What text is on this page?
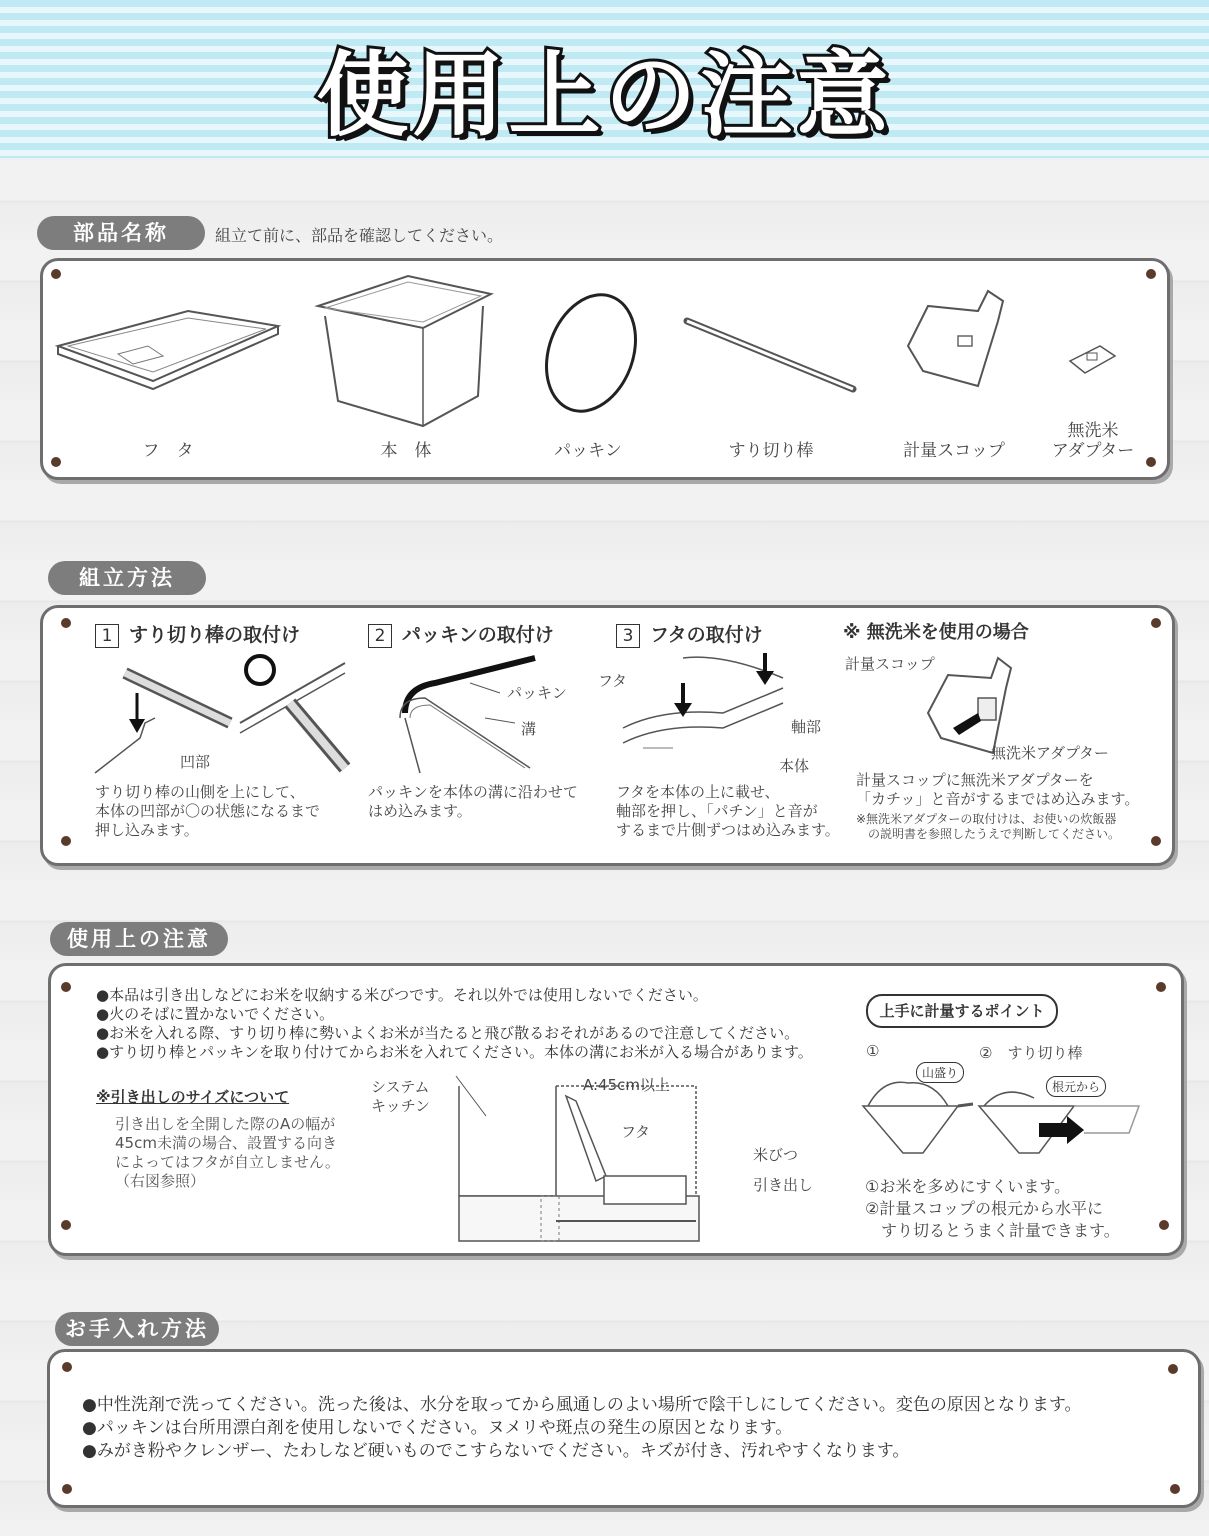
使用上の注意
部品名称	組立て前に、部品を確認してください。
フ　タ	本　体	パッキン	すり切り棒	計量スコップ
無洗米
アダプター
組立方法
1 すり切り棒の取付け
凹部
すり切り棒の山側を上にして、
本体の凹部が〇の状態になるまで
押し込みます。
2 パッキンの取付け
パッキン
溝
パッキンを本体の溝に沿わせて
はめ込みます。
3 フタの取付け
フタ
軸部
本体
フタを本体の上に載せ、
軸部を押し、「パチン」と音が
するまで片側ずつはめ込みます。
※ 無洗米を使用の場合
計量スコップ
無洗米アダプター
計量スコップに無洗米アダプターを
「カチッ」と音がするまではめ込みます。
※無洗米アダプターの取付けは、お使いの炊飯器
　の説明書を参照したうえで判断してください。
使用上の注意
●本品は引き出しなどにお米を収納する米びつです。それ以外では使用しないでください。
●火のそばに置かないでください。
●お米を入れる際、すり切り棒に勢いよくお米が当たると飛び散るおそれがあるので注意してください。
●すり切り棒とパッキンを取り付けてからお米を入れてください。本体の溝にお米が入る場合があります。
※引き出しのサイズについて
引き出しを全開した際のAの幅が
45cm未満の場合、設置する向き
によってはフタが自立しません。
（右図参照）
システム
キッチン
A:45cm以上
フタ
米びつ
引き出し
上手に計量するポイント
①	②　すり切り棒
山盛り
根元から
①お米を多めにすくいます。
②計量スコップの根元から水平に
　すり切るとうまく計量できます。
お手入れ方法
●中性洗剤で洗ってください。洗った後は、水分を取ってから風通しのよい場所で陰干しにしてください。変色の原因となります。
●パッキンは台所用漂白剤を使用しないでください。ヌメリや斑点の発生の原因となります。
●みがき粉やクレンザー、たわしなど硬いものでこすらないでください。キズが付き、汚れやすくなります。
